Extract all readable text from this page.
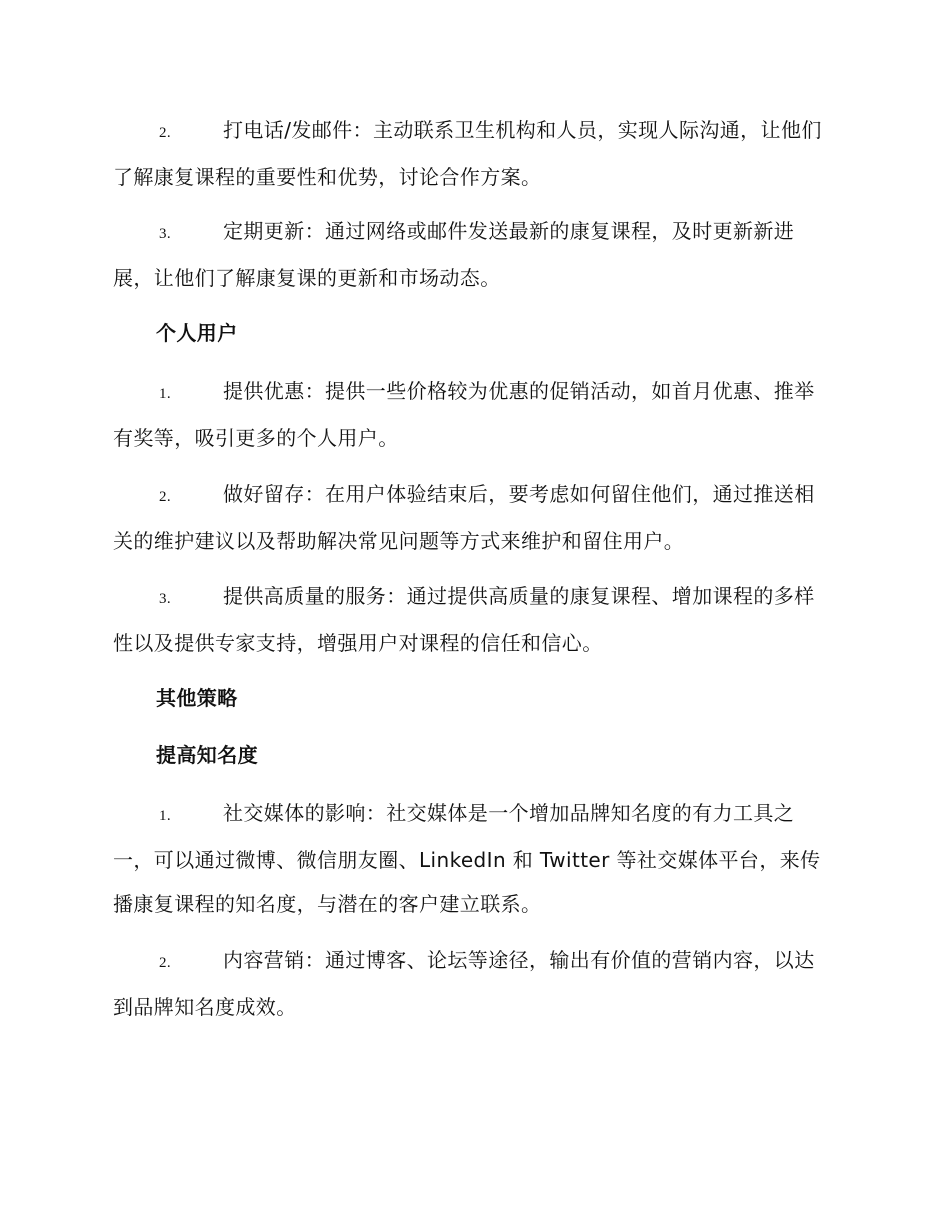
2.	打电话/发邮件：主动联系卫生机构和人员，实现人际沟通，让他们了解康复课程的重要性和优势，讨论合作方案。
3.	定期更新：通过网络或邮件发送最新的康复课程，及时更新新进展，让他们了解康复课的更新和市场动态。
个人用户
1.	提供优惠：提供一些价格较为优惠的促销活动，如首月优惠、推举有奖等，吸引更多的个人用户。
2.	做好留存：在用户体验结束后，要考虑如何留住他们，通过推送相关的维护建议以及帮助解决常见问题等方式来维护和留住用户。
3.	提供高质量的服务：通过提供高质量的康复课程、增加课程的多样性以及提供专家支持，增强用户对课程的信任和信心。
其他策略
提高知名度
1.	社交媒体的影响：社交媒体是一个增加品牌知名度的有力工具之一，可以通过微博、微信朋友圈、LinkedIn 和 Twitter 等社交媒体平台，来传播康复课程的知名度，与潜在的客户建立联系。
2.	内容营销：通过博客、论坛等途径，输出有价值的营销内容，以达到品牌知名度成效。
